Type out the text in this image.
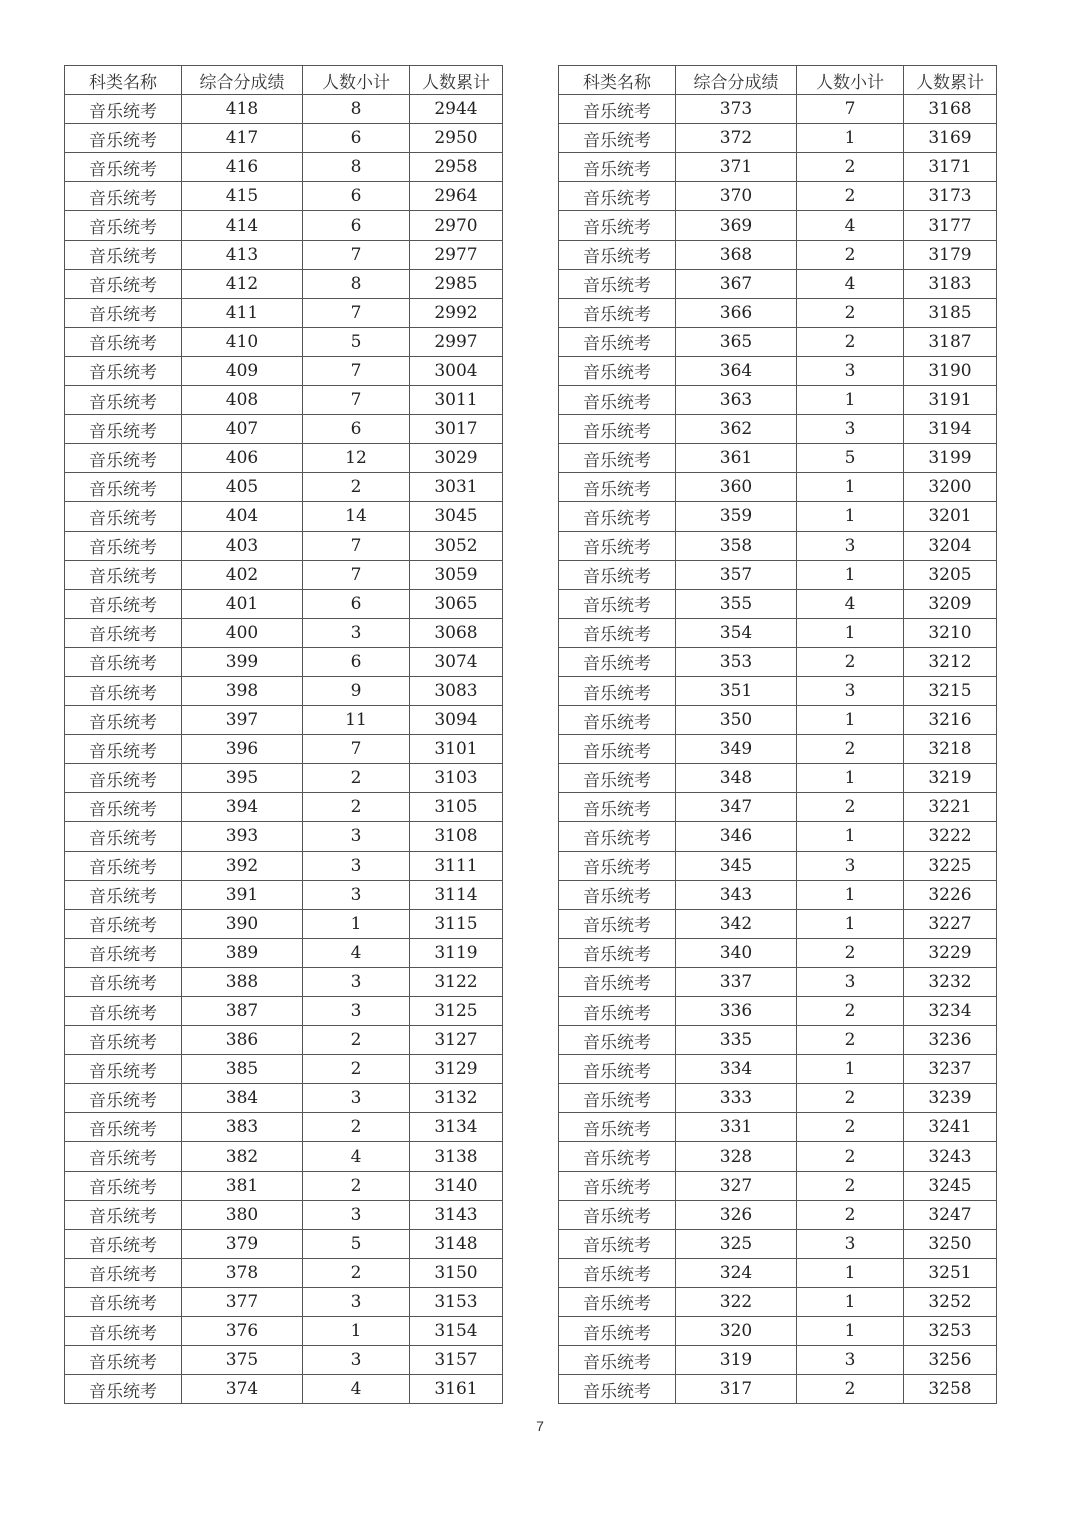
科类名称	综合分成绩	人数小计	人数累计
音乐统考	418	8	2944
音乐统考	417	6	2950
音乐统考	416	8	2958
音乐统考	415	6	2964
音乐统考	414	6	2970
音乐统考	413	7	2977
音乐统考	412	8	2985
音乐统考	411	7	2992
音乐统考	410	5	2997
音乐统考	409	7	3004
音乐统考	408	7	3011
音乐统考	407	6	3017
音乐统考	406	12	3029
音乐统考	405	2	3031
音乐统考	404	14	3045
音乐统考	403	7	3052
音乐统考	402	7	3059
音乐统考	401	6	3065
音乐统考	400	3	3068
音乐统考	399	6	3074
音乐统考	398	9	3083
音乐统考	397	11	3094
音乐统考	396	7	3101
音乐统考	395	2	3103
音乐统考	394	2	3105
音乐统考	393	3	3108
音乐统考	392	3	3111
音乐统考	391	3	3114
音乐统考	390	1	3115
音乐统考	389	4	3119
音乐统考	388	3	3122
音乐统考	387	3	3125
音乐统考	386	2	3127
音乐统考	385	2	3129
音乐统考	384	3	3132
音乐统考	383	2	3134
音乐统考	382	4	3138
音乐统考	381	2	3140
音乐统考	380	3	3143
音乐统考	379	5	3148
音乐统考	378	2	3150
音乐统考	377	3	3153
音乐统考	376	1	3154
音乐统考	375	3	3157
音乐统考	374	4	3161
科类名称	综合分成绩	人数小计	人数累计
音乐统考	373	7	3168
音乐统考	372	1	3169
音乐统考	371	2	3171
音乐统考	370	2	3173
音乐统考	369	4	3177
音乐统考	368	2	3179
音乐统考	367	4	3183
音乐统考	366	2	3185
音乐统考	365	2	3187
音乐统考	364	3	3190
音乐统考	363	1	3191
音乐统考	362	3	3194
音乐统考	361	5	3199
音乐统考	360	1	3200
音乐统考	359	1	3201
音乐统考	358	3	3204
音乐统考	357	1	3205
音乐统考	355	4	3209
音乐统考	354	1	3210
音乐统考	353	2	3212
音乐统考	351	3	3215
音乐统考	350	1	3216
音乐统考	349	2	3218
音乐统考	348	1	3219
音乐统考	347	2	3221
音乐统考	346	1	3222
音乐统考	345	3	3225
音乐统考	343	1	3226
音乐统考	342	1	3227
音乐统考	340	2	3229
音乐统考	337	3	3232
音乐统考	336	2	3234
音乐统考	335	2	3236
音乐统考	334	1	3237
音乐统考	333	2	3239
音乐统考	331	2	3241
音乐统考	328	2	3243
音乐统考	327	2	3245
音乐统考	326	2	3247
音乐统考	325	3	3250
音乐统考	324	1	3251
音乐统考	322	1	3252
音乐统考	320	1	3253
音乐统考	319	3	3256
音乐统考	317	2	3258
7
